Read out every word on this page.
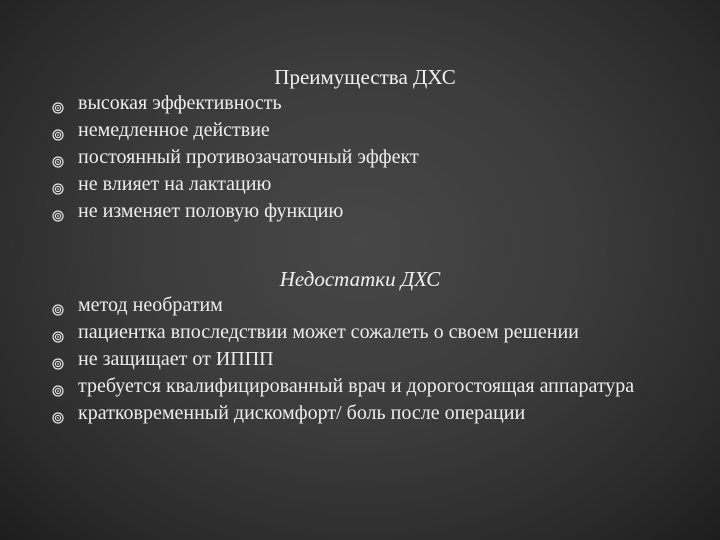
Преимущества ДХС
высокая эффективность
немедленное действие
постоянный противозачаточный эффект
не влияет на лактацию
не изменяет половую функцию
Недостатки ДХС
метод необратим
пациентка впоследствии может сожалеть о своем решении
не защищает от ИППП
требуется квалифицированный врач и дорогостоящая аппаратура
кратковременный дискомфорт/ боль после операции
